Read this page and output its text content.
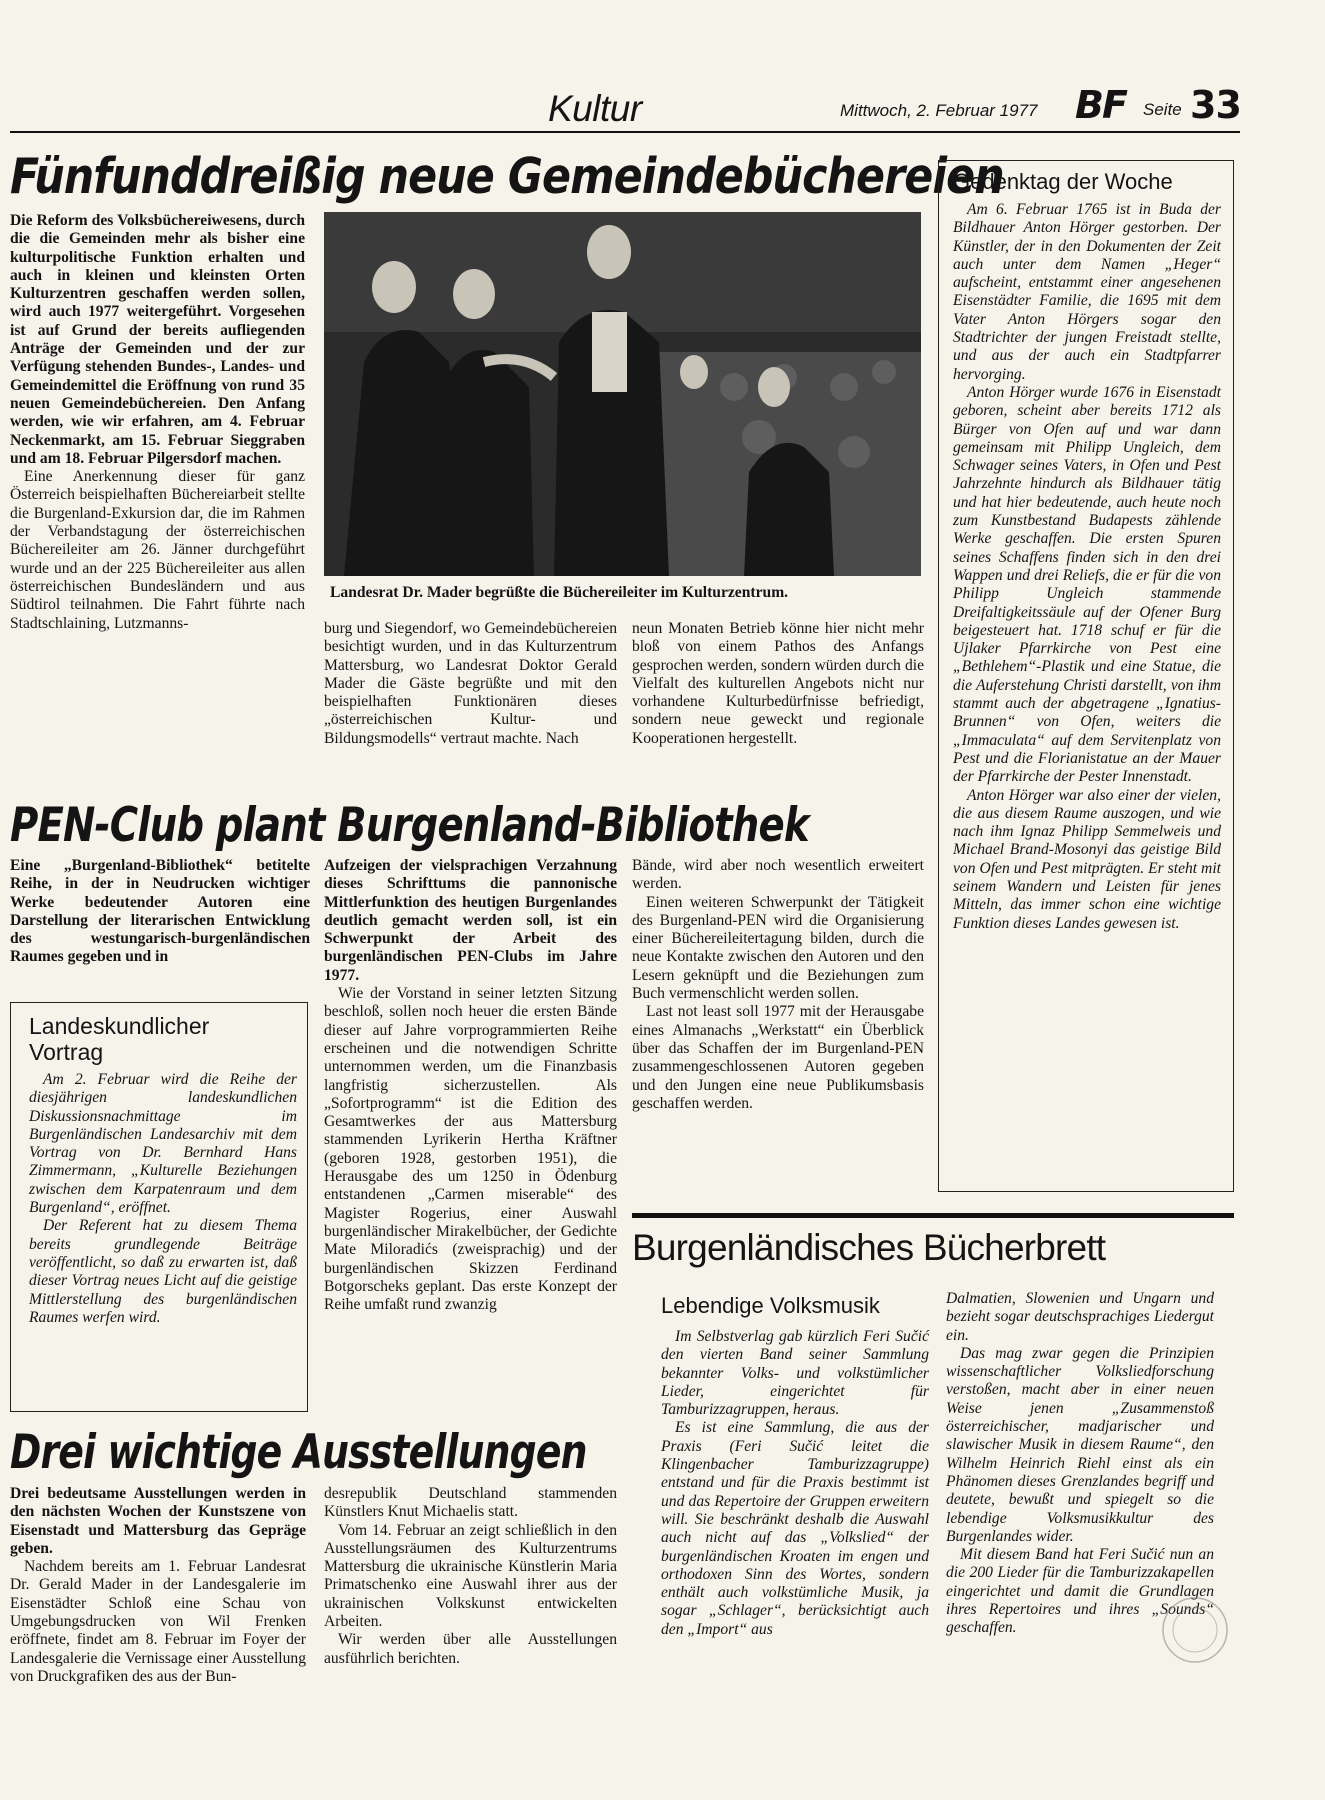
Kultur	Mittwoch, 2. Februar 1977 BF Seite 33
Fünfunddreißig neue Gemeindebüchereien

Die Reform des Volksbüchereiwesens, durch die die Gemeinden mehr als bisher eine kulturpolitische Funktion erhalten und auch in kleinen und kleinsten Orten Kulturzentren geschaffen werden sollen, wird auch 1977 weitergeführt. Vorgesehen ist auf Grund der bereits aufliegenden Anträge der Gemeinden und der zur Verfügung stehenden Bundes-, Landes- und Gemeindemittel die Eröffnung von rund 35 neuen Gemeindebüchereien. Den Anfang werden, wie wir erfahren, am 4. Februar Neckenmarkt, am 15. Februar Sieggraben und am 18. Februar Pilgersdorf machen.

Eine Anerkennung dieser für ganz Österreich beispielhaften Büchereiarbeit stellte die Burgenland-Exkursion dar, die im Rahmen der Verbandstagung der österreichischen Büchereileiter am 26. Jänner durchgeführt wurde und an der 225 Büchereileiter aus allen österreichischen Bundesländern und aus Südtirol teilnahmen. Die Fahrt führte nach Stadtschlaining, Lutzmanns-

Landesrat Dr. Mader begrüßte die Büchereileiter im Kulturzentrum.

burg und Siegendorf, wo Gemeindebüchereien besichtigt wurden, und in das Kulturzentrum Mattersburg, wo Landesrat Doktor Gerald Mader die Gäste begrüßte und mit den beispielhaften Funktionären dieses „österreichischen Kultur- und Bildungsmodells“ vertraut machte. Nach

neun Monaten Betrieb könne hier nicht mehr bloß von einem Pathos des Anfangs gesprochen werden, sondern würden durch die Vielfalt des kulturellen Angebots nicht nur vorhandene Kulturbedürfnisse befriedigt, sondern neue geweckt und regionale Kooperationen hergestellt.

Gedenktag der Woche

Am 6. Februar 1765 ist in Buda der Bildhauer Anton Hörger gestorben. Der Künstler, der in den Dokumenten der Zeit auch unter dem Namen „Heger“ aufscheint, entstammt einer angesehenen Eisenstädter Familie, die 1695 mit dem Vater Anton Hörgers sogar den Stadtrichter der jungen Freistadt stellte, und aus der auch ein Stadtpfarrer hervorging.

Anton Hörger wurde 1676 in Eisenstadt geboren, scheint aber bereits 1712 als Bürger von Ofen auf und war dann gemeinsam mit Philipp Ungleich, dem Schwager seines Vaters, in Ofen und Pest Jahrzehnte hindurch als Bildhauer tätig und hat hier bedeutende, auch heute noch zum Kunstbestand Budapests zählende Werke geschaffen. Die ersten Spuren seines Schaffens finden sich in den drei Wappen und drei Reliefs, die er für die von Philipp Ungleich stammende Dreifaltigkeitssäule auf der Ofener Burg beigesteuert hat. 1718 schuf er für die Ujlaker Pfarrkirche von Pest eine „Bethlehem“-Plastik und eine Statue, die die Auferstehung Christi darstellt, von ihm stammt auch der abgetragene „Ignatius-Brunnen“ von Ofen, weiters die „Immaculata“ auf dem Servitenplatz von Pest und die Florianistatue an der Mauer der Pfarrkirche der Pester Innenstadt.

Anton Hörger war also einer der vielen, die aus diesem Raume auszogen, und wie nach ihm Ignaz Philipp Semmelweis und Michael Brand-Mosonyi das geistige Bild von Ofen und Pest mitprägten. Er steht mit seinem Wandern und Leisten für jenes Mitteln, das immer schon eine wichtige Funktion dieses Landes gewesen ist.

PEN-Club plant Burgenland-Bibliothek

Eine „Burgenland-Bibliothek“ betitelte Reihe, in der in Neudrucken wichtiger Werke bedeutender Autoren eine Darstellung der literarischen Entwicklung des westungarisch-burgenländischen Raumes gegeben und in

Aufzeigen der vielsprachigen Verzahnung dieses Schrifttums die pannonische Mittlerfunktion des heutigen Burgenlandes deutlich gemacht werden soll, ist ein Schwerpunkt der Arbeit des burgenländischen PEN-Clubs im Jahre 1977.

Wie der Vorstand in seiner letzten Sitzung beschloß, sollen noch heuer die ersten Bände dieser auf Jahre vorprogrammierten Reihe erscheinen und die notwendigen Schritte unternommen werden, um die Finanzbasis langfristig sicherzustellen. Als „Sofortprogramm“ ist die Edition des Gesamtwerkes der aus Mattersburg stammenden Lyrikerin Hertha Kräftner (geboren 1928, gestorben 1951), die Herausgabe des um 1250 in Ödenburg entstandenen „Carmen miserable“ des Magister Rogerius, einer Auswahl burgenländischer Mirakelbücher, der Gedichte Mate Miloradićs (zweisprachig) und der burgenländischen Skizzen Ferdinand Botgorscheks geplant. Das erste Konzept der Reihe umfaßt rund zwanzig

Bände, wird aber noch wesentlich erweitert werden.

Einen weiteren Schwerpunkt der Tätigkeit des Burgenland-PEN wird die Organisierung einer Büchereileitertagung bilden, durch die neue Kontakte zwischen den Autoren und den Lesern geknüpft und die Beziehungen zum Buch vermenschlicht werden sollen.

Last not least soll 1977 mit der Herausgabe eines Almanachs „Werkstatt“ ein Überblick über das Schaffen der im Burgenland-PEN zusammengeschlossenen Autoren gegeben und den Jungen eine neue Publikumsbasis geschaffen werden.

Landeskundlicher Vortrag

Am 2. Februar wird die Reihe der diesjährigen landeskundlichen Diskussionsnachmittage im Burgenländischen Landesarchiv mit dem Vortrag von Dr. Bernhard Hans Zimmermann, „Kulturelle Beziehungen zwischen dem Karpatenraum und dem Burgenland“, eröffnet.

Der Referent hat zu diesem Thema bereits grundlegende Beiträge veröffentlicht, so daß zu erwarten ist, daß dieser Vortrag neues Licht auf die geistige Mittlerstellung des burgenländischen Raumes werfen wird.

Burgenländisches Bücherbrett
Lebendige Volksmusik

Im Selbstverlag gab kürzlich Feri Sučić den vierten Band seiner Sammlung bekannter Volks- und volkstümlicher Lieder, eingerichtet für Tamburizzagruppen, heraus.

Es ist eine Sammlung, die aus der Praxis (Feri Sučić leitet die Klingenbacher Tamburizzagruppe) entstand und für die Praxis bestimmt ist und das Repertoire der Gruppen erweitern will. Sie beschränkt deshalb die Auswahl auch nicht auf das „Volkslied“ der burgenländischen Kroaten im engen und orthodoxen Sinn des Wortes, sondern enthält auch volkstümliche Musik, ja sogar „Schlager“, berücksichtigt auch den „Import“ aus

Dalmatien, Slowenien und Ungarn und bezieht sogar deutschsprachiges Liedergut ein.

Das mag zwar gegen die Prinzipien wissenschaftlicher Volksliedforschung verstoßen, macht aber in einer neuen Weise jenen „Zusammenstoß österreichischer, madjarischer und slawischer Musik in diesem Raume“, den Wilhelm Heinrich Riehl einst als ein Phänomen dieses Grenzlandes begriff und deutete, bewußt und spiegelt so die lebendige Volksmusikkultur des Burgenlandes wider.

Mit diesem Band hat Feri Sučić nun an die 200 Lieder für die Tamburizzakapellen eingerichtet und damit die Grundlagen ihres Repertoires und ihres „Sounds“ geschaffen.

Drei wichtige Ausstellungen

Drei bedeutsame Ausstellungen werden in den nächsten Wochen der Kunstszene von Eisenstadt und Mattersburg das Gepräge geben.

Nachdem bereits am 1. Februar Landesrat Dr. Gerald Mader in der Landesgalerie im Eisenstädter Schloß eine Schau von Umgebungsdrucken von Wil Frenken eröffnete, findet am 8. Februar im Foyer der Landesgalerie die Vernissage einer Ausstellung von Druckgrafiken des aus der Bun-

desrepublik Deutschland stammenden Künstlers Knut Michaelis statt.

Vom 14. Februar an zeigt schließlich in den Ausstellungsräumen des Kulturzentrums Mattersburg die ukrainische Künstlerin Maria Primatschenko eine Auswahl ihrer aus der ukrainischen Volkskunst entwickelten Arbeiten.

Wir werden über alle Ausstellungen ausführlich berichten.
